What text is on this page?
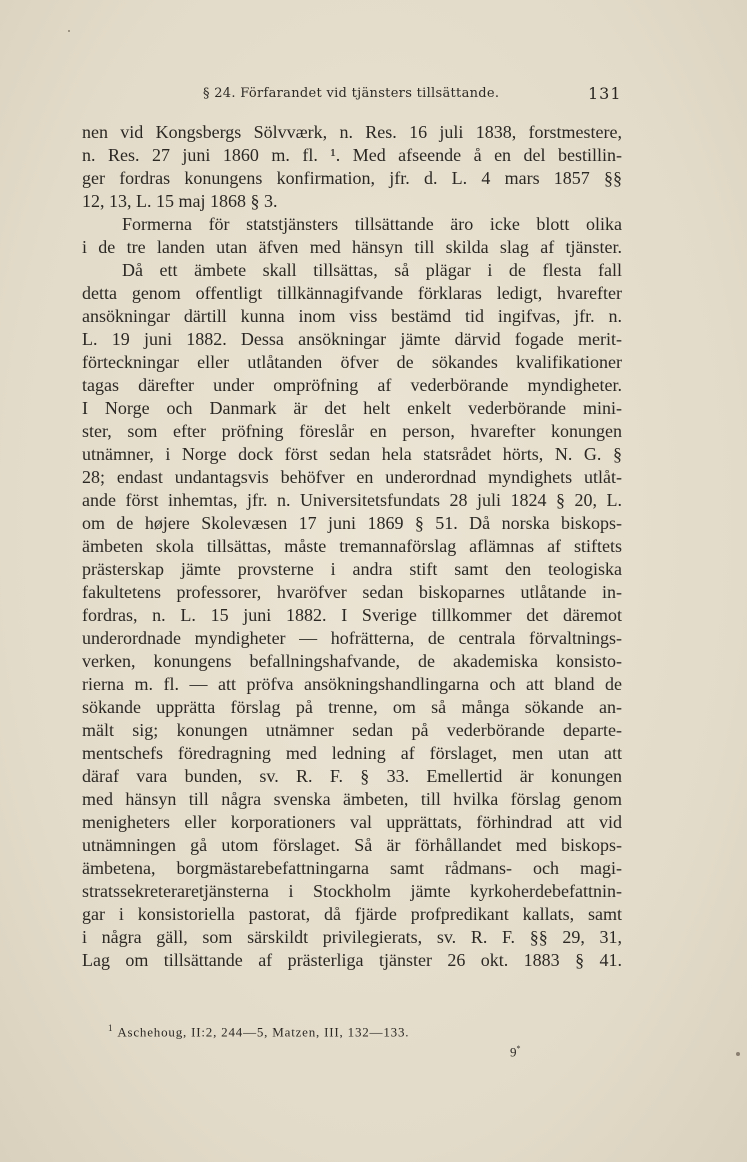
§ 24. Förfarandet vid tjänsters tillsättande.	131
nen vid Kongsbergs Sölvværk, n. Res. 16 juli 1838, forstmestere,
n. Res. 27 juni 1860 m. fl. ¹. Med afseende å en del bestillin-
ger fordras konungens konfirmation, jfr. d. L. 4 mars 1857 §§
12, 13, L. 15 maj 1868 § 3.
Formerna för statstjänsters tillsättande äro icke blott olika
i de tre landen utan äfven med hänsyn till skilda slag af tjänster.
Då ett ämbete skall tillsättas, så plägar i de flesta fall
detta genom offentligt tillkännagifvande förklaras ledigt, hvarefter
ansökningar därtill kunna inom viss bestämd tid ingifvas, jfr. n.
L. 19 juni 1882. Dessa ansökningar jämte därvid fogade merit-
förteckningar eller utlåtanden öfver de sökandes kvalifikationer
tagas därefter under ompröfning af vederbörande myndigheter.
I Norge och Danmark är det helt enkelt vederbörande mini-
ster, som efter pröfning föreslår en person, hvarefter konungen
utnämner, i Norge dock först sedan hela statsrådet hörts, N. G. §
28; endast undantagsvis behöfver en underordnad myndighets utlåt-
ande först inhemtas, jfr. n. Universitetsfundats 28 juli 1824 § 20, L.
om de højere Skolevæsen 17 juni 1869 § 51. Då norska biskops-
ämbeten skola tillsättas, måste tremannaförslag aflämnas af stiftets
prästerskap jämte provsterne i andra stift samt den teologiska
fakultetens professorer, hvaröfver sedan biskoparnes utlåtande in-
fordras, n. L. 15 juni 1882. I Sverige tillkommer det däremot
underordnade myndigheter — hofrätterna, de centrala förvaltnings-
verken, konungens befallningshafvande, de akademiska konsisto-
rierna m. fl. — att pröfva ansökningshandlingarna och att bland de
sökande upprätta förslag på trenne, om så många sökande an-
mält sig; konungen utnämner sedan på vederbörande departe-
mentschefs föredragning med ledning af förslaget, men utan att
däraf vara bunden, sv. R. F. § 33. Emellertid är konungen
med hänsyn till några svenska ämbeten, till hvilka förslag genom
menigheters eller korporationers val upprättats, förhindrad att vid
utnämningen gå utom förslaget. Så är förhållandet med biskops-
ämbetena, borgmästarebefattningarna samt rådmans- och magi-
stratssekreteraretjänsterna i Stockholm jämte kyrkoherdebefattnin-
gar i konsistoriella pastorat, då fjärde profpredikant kallats, samt
i några gäll, som särskildt privilegierats, sv. R. F. §§ 29, 31,
Lag om tillsättande af prästerliga tjänster 26 okt. 1883 § 41.
$^1$ Aschehoug, II:2, 244—5, Matzen, III, 132—133.
9*
